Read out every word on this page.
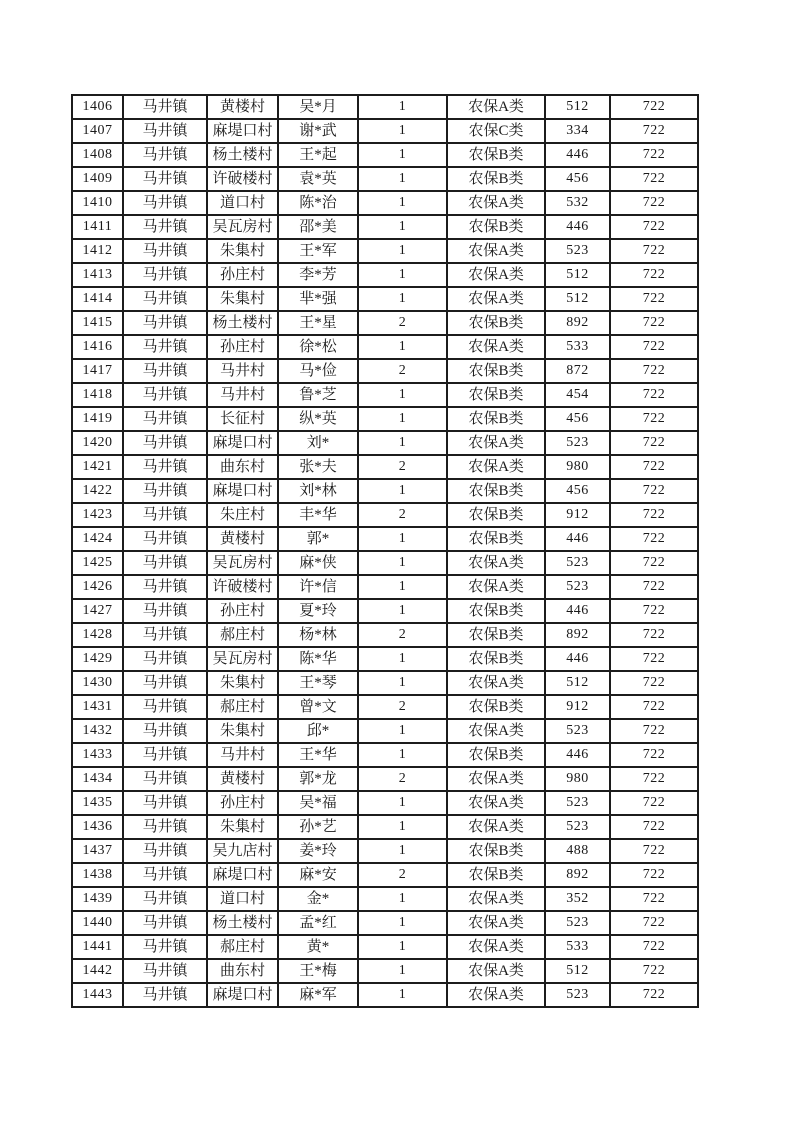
1406	马井镇	黄楼村	吴*月	1	农保A类	512	722
1407	马井镇	麻堤口村	谢*武	1	农保C类	334	722
1408	马井镇	杨土楼村	王*起	1	农保B类	446	722
1409	马井镇	许破楼村	袁*英	1	农保B类	456	722
1410	马井镇	道口村	陈*治	1	农保A类	532	722
1411	马井镇	吴瓦房村	邵*美	1	农保B类	446	722
1412	马井镇	朱集村	王*军	1	农保A类	523	722
1413	马井镇	孙庄村	李*芳	1	农保A类	512	722
1414	马井镇	朱集村	芈*强	1	农保A类	512	722
1415	马井镇	杨土楼村	王*星	2	农保B类	892	722
1416	马井镇	孙庄村	徐*松	1	农保A类	533	722
1417	马井镇	马井村	马*俭	2	农保B类	872	722
1418	马井镇	马井村	鲁*芝	1	农保B类	454	722
1419	马井镇	长征村	纵*英	1	农保B类	456	722
1420	马井镇	麻堤口村	刘*	1	农保A类	523	722
1421	马井镇	曲东村	张*夫	2	农保A类	980	722
1422	马井镇	麻堤口村	刘*林	1	农保B类	456	722
1423	马井镇	朱庄村	丰*华	2	农保B类	912	722
1424	马井镇	黄楼村	郭*	1	农保B类	446	722
1425	马井镇	吴瓦房村	麻*侠	1	农保A类	523	722
1426	马井镇	许破楼村	许*信	1	农保A类	523	722
1427	马井镇	孙庄村	夏*玲	1	农保B类	446	722
1428	马井镇	郝庄村	杨*林	2	农保B类	892	722
1429	马井镇	吴瓦房村	陈*华	1	农保B类	446	722
1430	马井镇	朱集村	王*琴	1	农保A类	512	722
1431	马井镇	郝庄村	曾*文	2	农保B类	912	722
1432	马井镇	朱集村	邱*	1	农保A类	523	722
1433	马井镇	马井村	王*华	1	农保B类	446	722
1434	马井镇	黄楼村	郭*龙	2	农保A类	980	722
1435	马井镇	孙庄村	吴*福	1	农保A类	523	722
1436	马井镇	朱集村	孙*艺	1	农保A类	523	722
1437	马井镇	吴九店村	姜*玲	1	农保B类	488	722
1438	马井镇	麻堤口村	麻*安	2	农保B类	892	722
1439	马井镇	道口村	金*	1	农保A类	352	722
1440	马井镇	杨土楼村	孟*红	1	农保A类	523	722
1441	马井镇	郝庄村	黄*	1	农保A类	533	722
1442	马井镇	曲东村	王*梅	1	农保A类	512	722
1443	马井镇	麻堤口村	麻*军	1	农保A类	523	722
